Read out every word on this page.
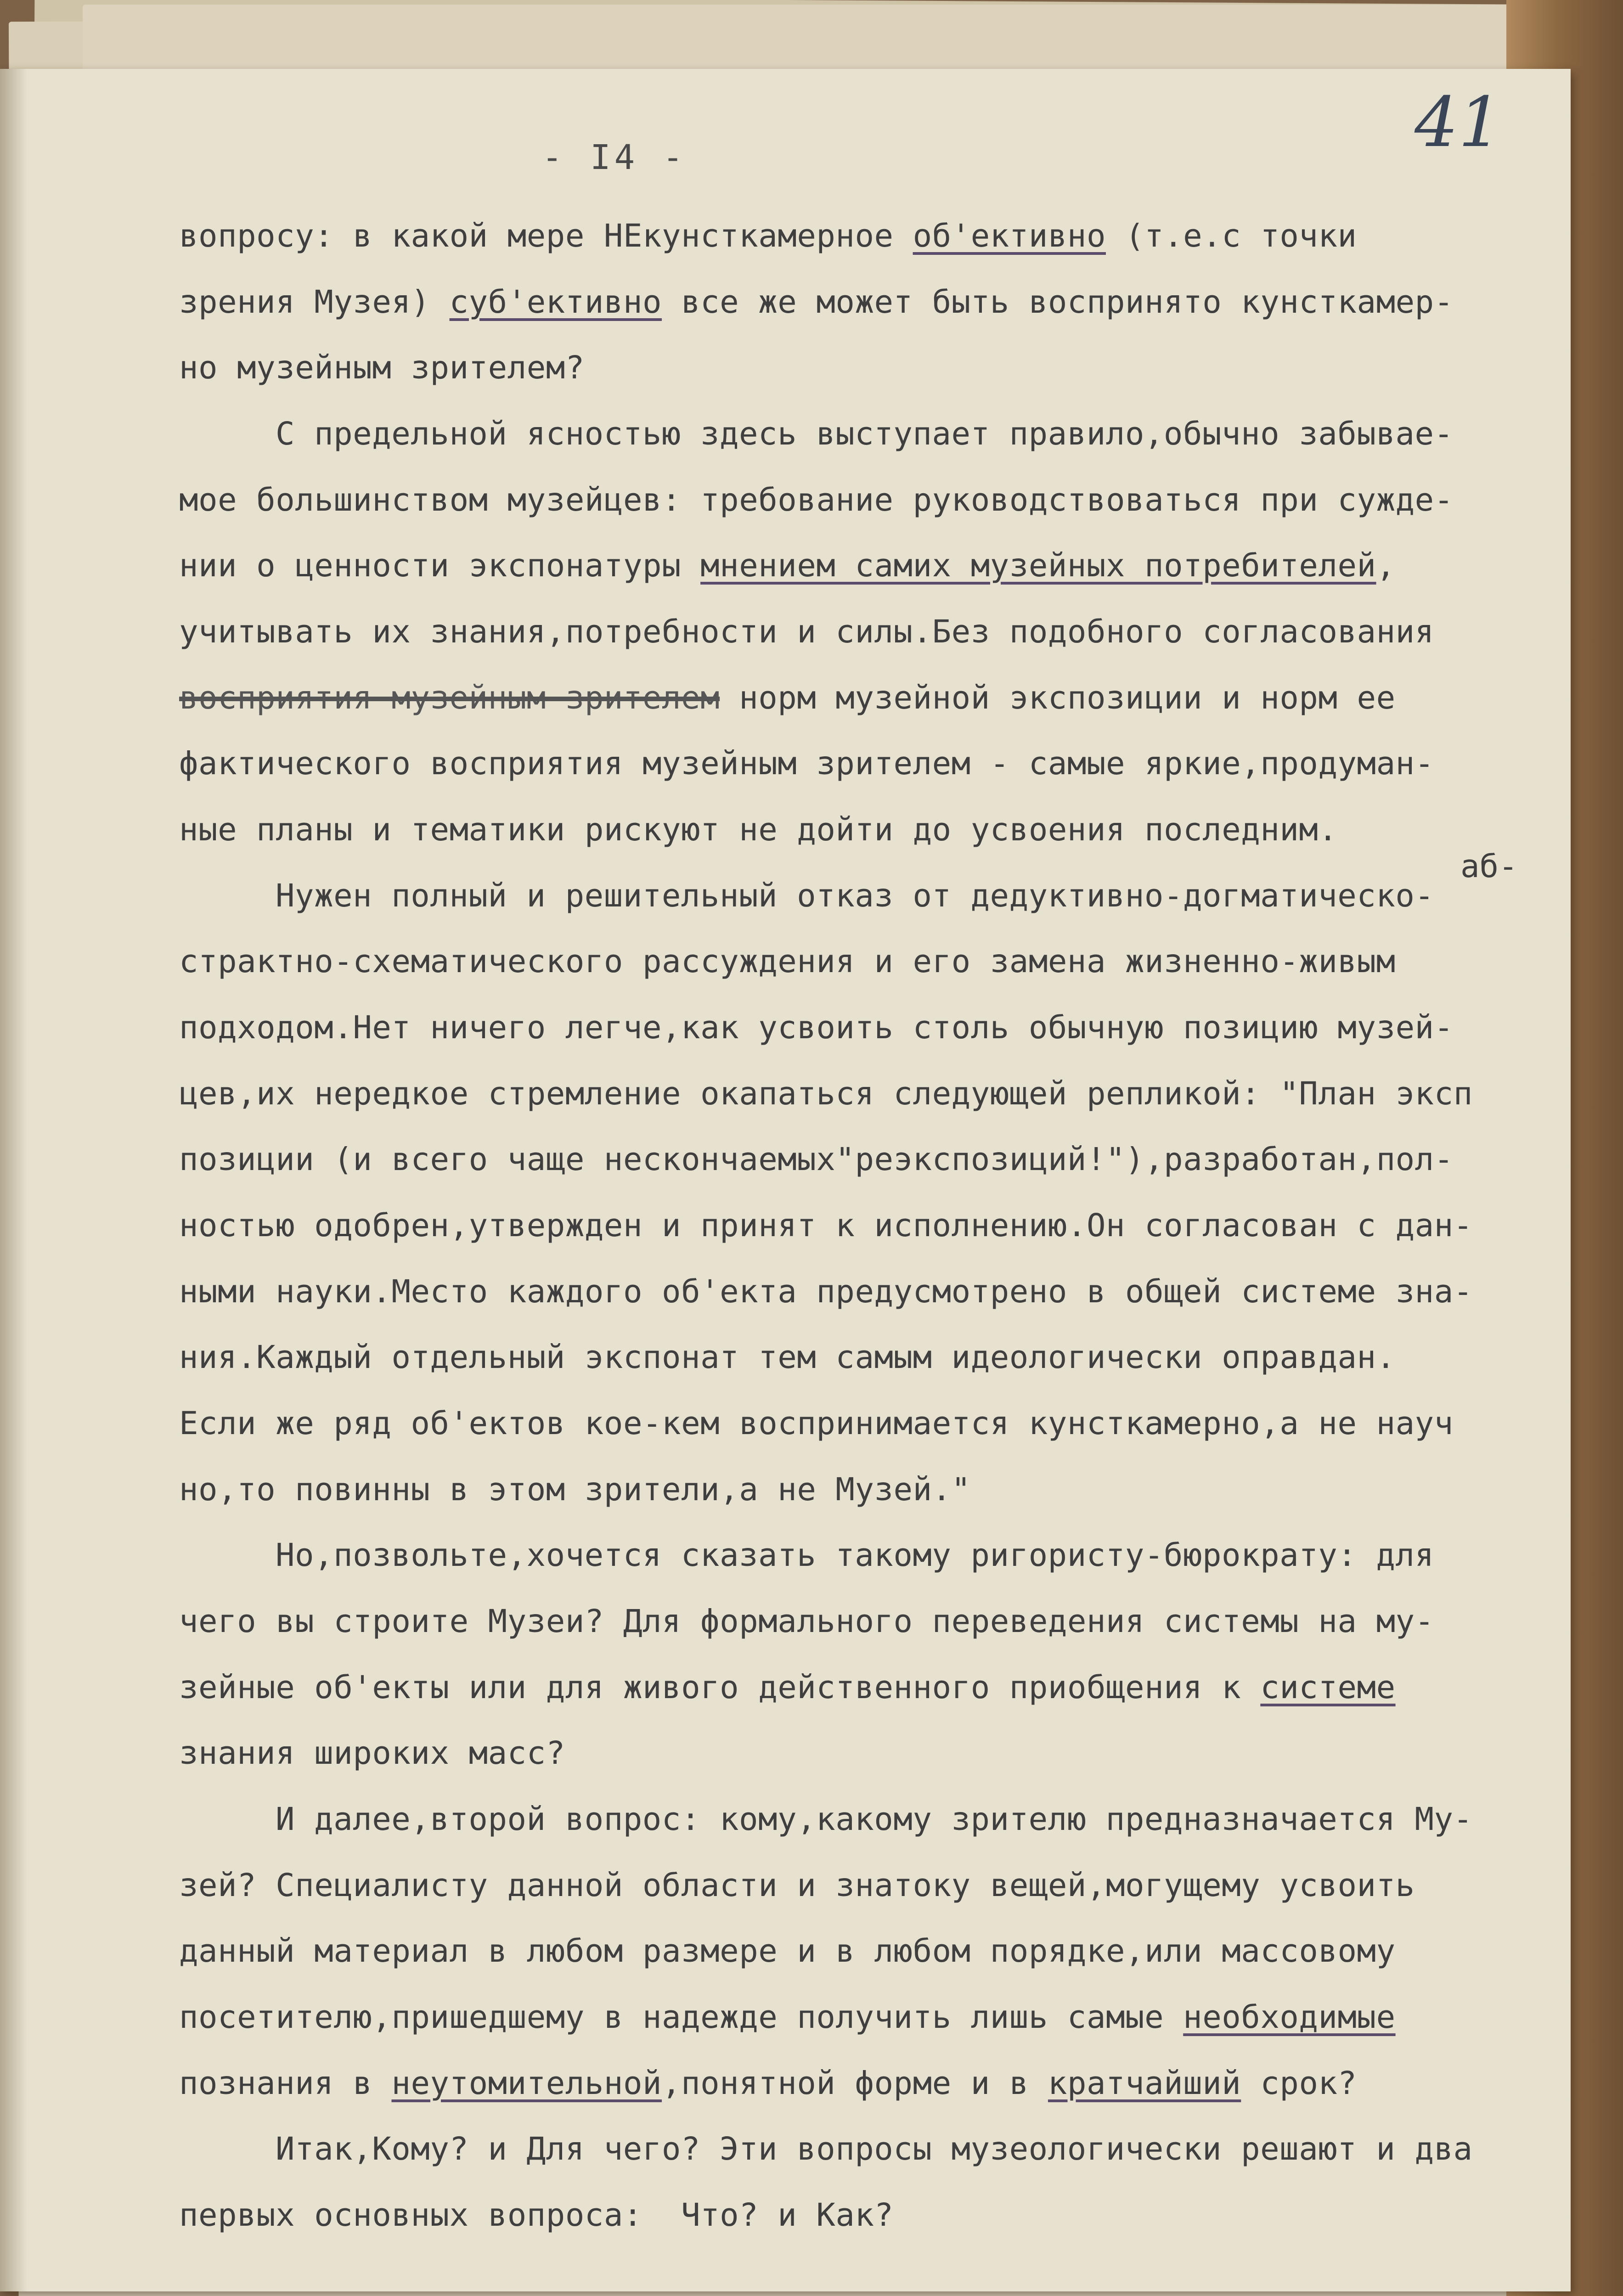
41
- I4 -

вопросу: в какой мере НЕкунсткамерное об'ективно (т.е.с точки

зрения Музея) суб'ективно все же может быть воспринято кунсткамер-

но музейным зрителем?

С предельной ясностью здесь выступает правило,обычно забывае-

мое большинством музейцев: требование руководствоваться при сужде-

нии о ценности экспонатуры мнением самих музейных потребителей,

учитывать их знания,потребности и силы.Без подобного согласования

восприятия музейным зрителем норм музейной экспозиции и норм ее

фактического восприятия музейным зрителем - самые яркие,продуман-

ные планы и тематики рискуют не дойти до усвоения последним.

аб-

Нужен полный и решительный отказ от дедуктивно-догматическо-

страктно-схематического рассуждения и его замена жизненно-живым

подходом.Нет ничего легче,как усвоить столь обычную позицию музей-

цев,их нередкое стремление окапаться следующей репликой: "План эксп

позиции (и всего чаще нескончаемых"реэкспозиций!"),разработан,пол-

ностью одобрен,утвержден и принят к исполнению.Он согласован с дан-

ными науки.Место каждого об'екта предусмотрено в общей системе зна-

ния.Каждый отдельный экспонат тем самым идеологически оправдан.

Если же ряд об'ектов кое-кем воспринимается кунсткамерно,а не науч

но,то повинны в этом зрители,а не Музей."

Но,позвольте,хочется сказать такому ригористу-бюрократу: для

чего вы строите Музеи? Для формального переведения системы на му-

зейные об'екты или для живого действенного приобщения к системе

знания широких масс?

И далее,второй вопрос: кому,какому зрителю предназначается Му-

зей? Специалисту данной области и знатоку вещей,могущему усвоить

данный материал в любом размере и в любом порядке,или массовому

посетителю,пришедшему в надежде получить лишь самые необходимые

познания в неутомительной,понятной форме и в кратчайший срок?

Итак,Кому? и Для чего? Эти вопросы музеологически решают и два

первых основных вопроса:  Что? и Как?
